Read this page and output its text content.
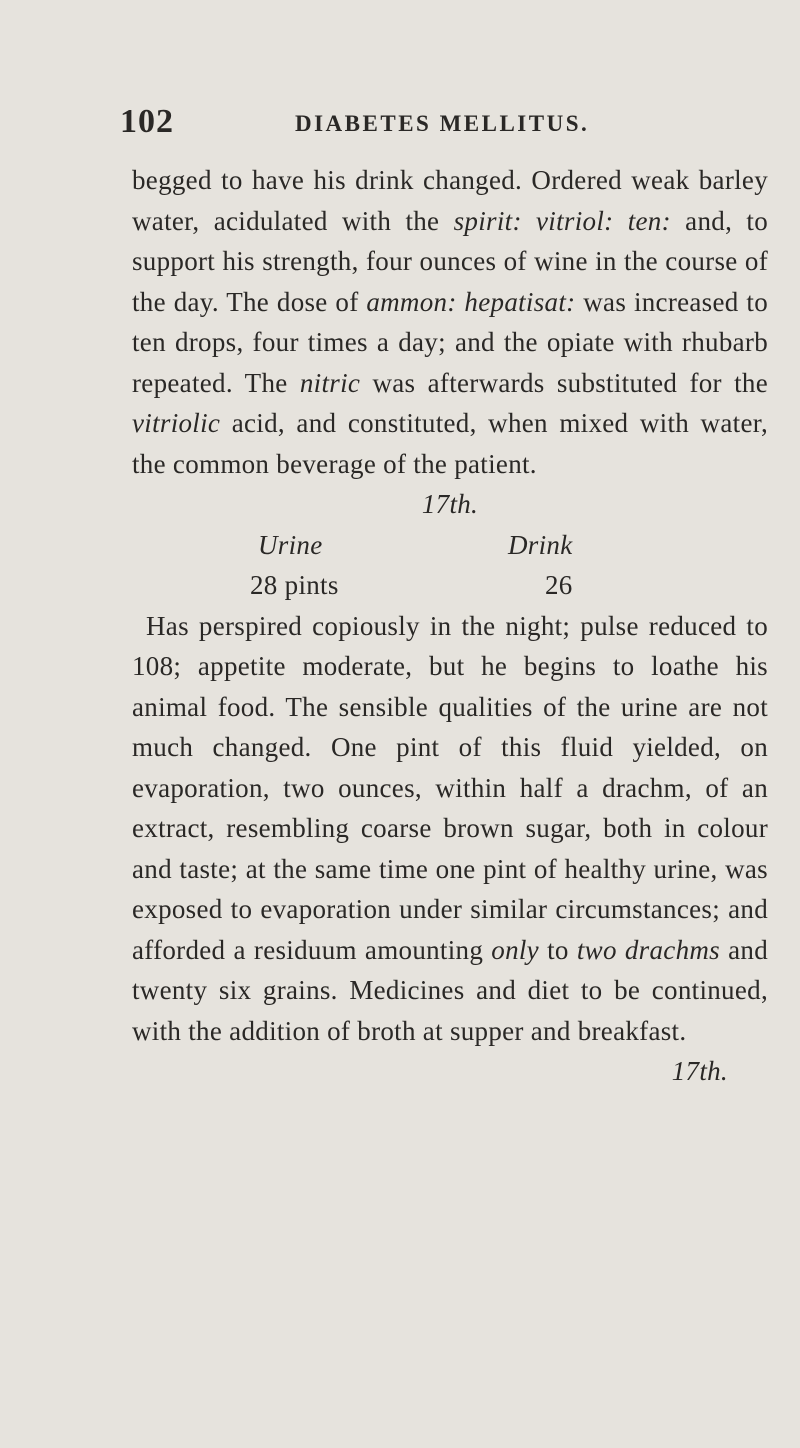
102	DIABETES MELLITUS.

begged to have his drink changed. Ordered weak barley water, acidulated with the spirit: vitriol: ten: and, to support his strength, four ounces of wine in the course of the day. The dose of ammon: hepatisat: was increased to ten drops, four times a day; and the opiate with rhubarb repeated. The nitric was afterwards substituted for the vitriolic acid, and constituted, when mixed with water, the common beverage of the patient.

17th.

Urine	Drink
28 pints	26

Has perspired copiously in the night; pulse reduced to 108; appetite moderate, but he begins to loathe his animal food. The sensible qualities of the urine are not much changed. One pint of this fluid yielded, on evaporation, two ounces, within half a drachm, of an extract, resembling coarse brown sugar, both in colour and taste; at the same time one pint of healthy urine, was exposed to evaporation under similar circumstances; and afforded a residuum amounting only to two drachms and twenty six grains. Medicines and diet to be continued, with the addition of broth at supper and breakfast.

17th.
